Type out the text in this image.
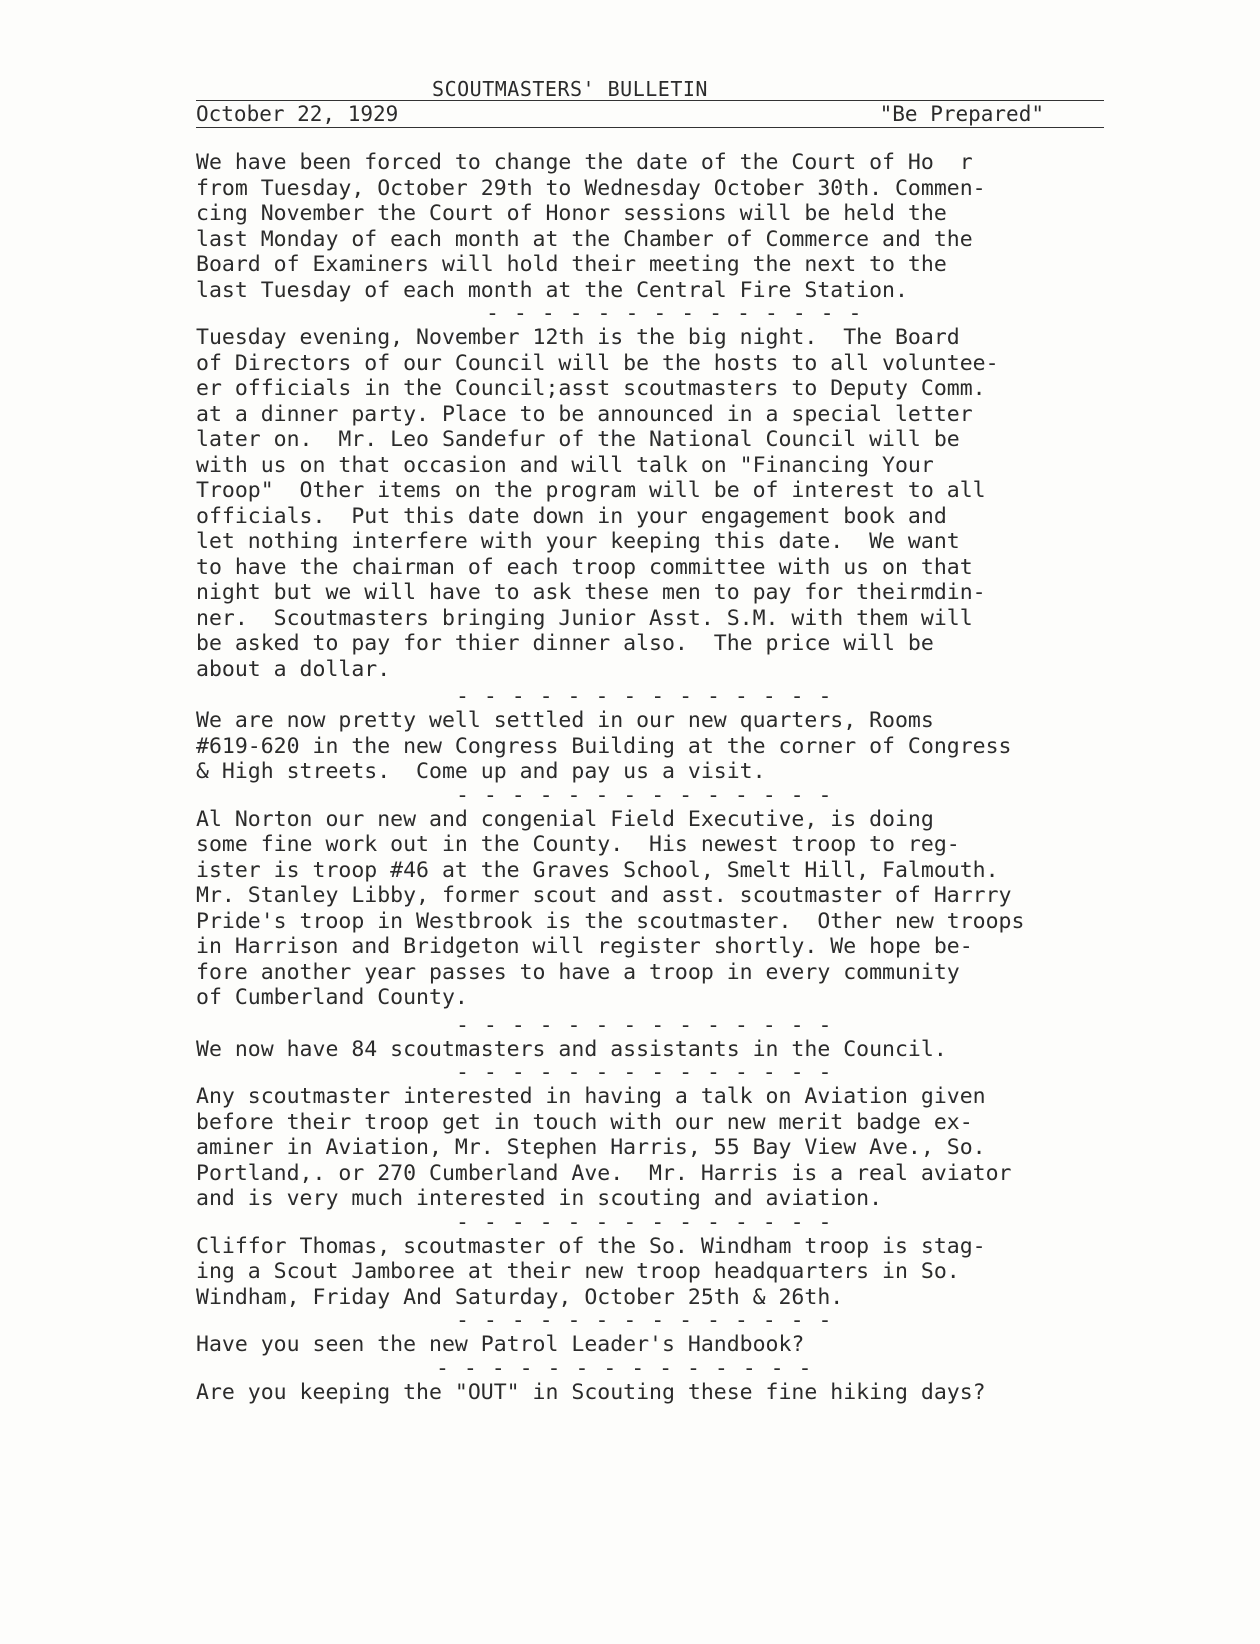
SCOUTMASTERS' BULLETIN
October 22, 1929	"Be Prepared"

We have been forced to change the date of the Court of Ho  r
from Tuesday, October 29th to Wednesday October 30th. Commen-
cing November the Court of Honor sessions will be held the
last Monday of each month at the Chamber of Commerce and the
Board of Examiners will hold their meeting the next to the
last Tuesday of each month at the Central Fire Station.

- - - - - - - - - - - - - -

Tuesday evening, November 12th is the big night.  The Board
of Directors of our Council will be the hosts to all voluntee-
er officials in the Council;asst scoutmasters to Deputy Comm.
at a dinner party. Place to be announced in a special letter
later on.  Mr. Leo Sandefur of the National Council will be
with us on that occasion and will talk on "Financing Your
Troop"  Other items on the program will be of interest to all
officials.  Put this date down in your engagement book and
let nothing interfere with your keeping this date.  We want
to have the chairman of each troop committee with us on that
night but we will have to ask these men to pay for theirmdin-
ner.  Scoutmasters bringing Junior Asst. S.M. with them will
be asked to pay for thier dinner also.  The price will be
about a dollar.

- - - - - - - - - - - - - -

We are now pretty well settled in our new quarters, Rooms
#619-620 in the new Congress Building at the corner of Congress
& High streets.  Come up and pay us a visit.

- - - - - - - - - - - - - -

Al Norton our new and congenial Field Executive, is doing
some fine work out in the County.  His newest troop to reg-
ister is troop #46 at the Graves School, Smelt Hill, Falmouth.
Mr. Stanley Libby, former scout and asst. scoutmaster of Harrry
Pride's troop in Westbrook is the scoutmaster.  Other new troops
in Harrison and Bridgeton will register shortly. We hope be-
fore another year passes to have a troop in every community
of Cumberland County.

- - - - - - - - - - - - - -

We now have 84 scoutmasters and assistants in the Council.

- - - - - - - - - - - - - -

Any scoutmaster interested in having a talk on Aviation given
before their troop get in touch with our new merit badge ex-
aminer in Aviation, Mr. Stephen Harris, 55 Bay View Ave., So.
Portland,. or 270 Cumberland Ave.  Mr. Harris is a real aviator
and is very much interested in scouting and aviation.

- - - - - - - - - - - - - -

Cliffor Thomas, scoutmaster of the So. Windham troop is stag-
ing a Scout Jamboree at their new troop headquarters in So.
Windham, Friday And Saturday, October 25th & 26th.

- - - - - - - - - - - - - -

Have you seen the new Patrol Leader's Handbook?

- - - - - - - - - - - - - -

Are you keeping the "OUT" in Scouting these fine hiking days?
